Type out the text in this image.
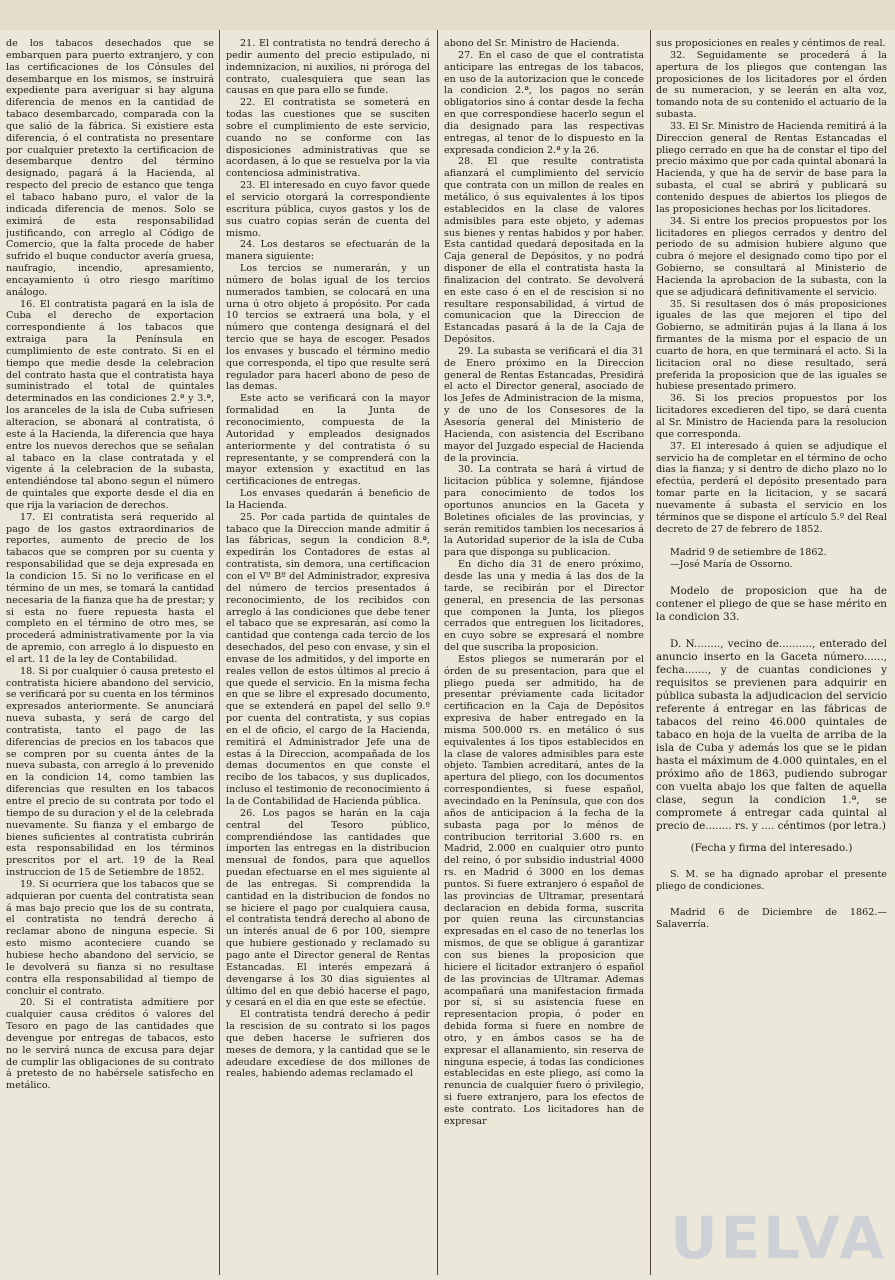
de los tabacos desechados que se embarquen para puerto extranjero, y con las certificaciones de los Cónsules del desembarque en los mismos, se instruirá expediente para averiguar si hay alguna diferencia de menos en la cantidad de tabaco desembarcado, comparada con la que salió de la fábrica. Si existiere esta diferencia, ó el contratista no presentare por cualquier pretexto la certificacion de desembarque dentro del término designado, pagará á la Hacienda, al respecto del precio de estanco que tenga el tabaco habano puro, el valor de la indicada diferencia de menos. Solo se eximirá de esta responsabilidad justificando, con arreglo al Código de Comercio, que la falta procede de haber sufrido el buque conductor avería gruesa, naufragio, incendio, apresamiento, encayamiento ú otro riesgo marítimo análogo.

16. El contratista pagará en la isla de Cuba el derecho de exportacion correspondiente á los tabacos que extraiga para la Península en cumplimiento de este contrato. Si en el tiempo que medie desde la celebracion del contrato hasta que el contratista haya suministrado el total de quintales determinados en las condiciones 2.ª y 3.ª, los aranceles de la isla de Cuba sufriesen alteracion, se abonará al contratista, ó este á la Hacienda, la diferencia que haya entre los nuevos derechos que se señalan al tabaco en la clase contratada y el vigente á la celebracion de la subasta, entendiéndose tal abono segun el número de quintales que exporte desde el dia en que rija la variacion de derechos.

17. El contratista será requerido al pago de los gastos extraordinarios de reportes, aumento de precio de los tabacos que se compren por su cuenta y responsabilidad que se deja expresada en la condicion 15. Si no lo verificase en el término de un mes, se tomará la cantidad necesaria de la fianza que ha de prestar; y si esta no fuere repuesta hasta el completo en el término de otro mes, se procederá administrativamente por la via de apremio, con arreglo á lo dispuesto en el art. 11 de la ley de Contabilidad.

18. Si por cualquier ó causa pretesto el contratista hiciere abandono del servicio, se verificará por su cuenta en los términos expresados anteriormente. Se anunciará nueva subasta, y será de cargo del contratista, tanto el pago de las diferencias de precios en los tabacos que se compren por su cuenta ántes de la nueva subasta, con arreglo á lo prevenido en la condicion 14, como tambien las diferencias que resulten en los tabacos entre el precio de su contrata por todo el tiempo de su duracion y el de la celebrada nuevamente. Su fianza y el embargo de bienes suficientes al contratista cubrirán esta responsabilidad en los términos prescritos por el art. 19 de la Real instruccion de 15 de Setiembre de 1852.

19. Si ocurriera que los tabacos que se adquieran por cuenta del contratista sean á mas bajo precio que los de su contrata, el contratista no tendrá derecho á reclamar abono de ninguna especie. Si esto mismo aconteciere cuando se hubiese hecho abandono del servicio, se le devolverá su fianza si no resultase contra ella responsabilidad al tiempo de concluir el contrato.

20. Si el contratista admitiere por cualquier causa créditos ó valores del Tesoro en pago de las cantidades que devengue por entregas de tabacos, esto no le servirá nunca de excusa para dejar de cumplir las obligaciones de su contrato á pretesto de no habérsele satisfecho en metálico.

21. El contratista no tendrá derecho á pedir aumento del precio estipulado, ni indemnizacion, ni auxilios, ni próroga del contrato, cualesquiera que sean las causas en que para ello se funde.

22. El contratista se someterá en todas las cuestiones que se susciten sobre el cumplimiento de este servicio, cuando no se conforme con las disposiciones administrativas que se acordasen, á lo que se resuelva por la via contenciosa administrativa.

23. El interesado en cuyo favor quede el servicio otorgará la correspondiente escritura pública, cuyos gastos y los de sus cuatro copias serán de cuenta del mismo.

24. Los destaros se efectuarán de la manera siguiente:

Los tercios se numerarán, y un número de bolas igual de los tercios numerados tambien, se colocará en una urna ú otro objeto á propósito. Por cada 10 tercios se extraerá una bola, y el número que contenga designará el del tercio que se haya de escoger. Pesados los envases y buscado el término medio que corresponda, el tipo que resulte será regulador para hacerl abono de peso de las demas.

Este acto se verificará con la mayor formalidad en la Junta de reconocimiento, compuesta de la Autoridad y empleados designados anteriormente y del contratista ó su representante, y se comprenderá con la mayor extension y exactitud en las certificaciones de entregas.

Los envases quedarán á beneficio de la Hacienda.

25. Por cada partida de quintales de tabaco que la Direccion mande admitir á las fábricas, segun la condicion 8.ª, expedirán los Contadores de estas al contratista, sin demora, una certificacion con el Vº Bº del Administrador, expresiva del número de tercios presentados á reconocimiento, de los recibidos con arreglo á las condiciones que debe tener el tabaco que se expresarán, así como la cantidad que contenga cada tercio de los desechados, del peso con envase, y sin el envase de los admitidos, y del importe en reales vellon de estos últimos al precio á que quede el servicio. En la misma fecha en que se libre el expresado documento, que se extenderá en papel del sello 9.º por cuenta del contratista, y sus copias en el de oficio, el cargo de la Hacienda, remitirá el Administrador Jefe una de estas á la Direccion, acompañada de los demas documentos en que conste el recibo de los tabacos, y sus duplicados, incluso el testimonio de reconocimiento á la de Contabilidad de Hacienda pública.

26. Los pagos se harán en la caja central del Tesoro público, comprendiéndose las cantidades que importen las entregas en la distribucion mensual de fondos, para que aquellos puedan efectuarse en el mes siguiente al de las entregas. Si comprendida la cantidad en la distribucion de fondos no se hiciere el pago por cualquiera causa, el contratista tendrá derecho al abono de un interés anual de 6 por 100, siempre que hubiere gestionado y reclamado su pago ante el Director general de Rentas Estancadas. El interés empezará á devengarse á los 30 dias siguientes al último del en que debió hacerse el pago, y cesará en el dia en que este se efectúe.

El contratista tendrá derecho á pedir la rescision de su contrato si los pagos que deben hacerse le sufrieren dos meses de demora, y la cantidad que se le adeudare excediese de dos millones de reales, habiendo ademas reclamado el

abono del Sr. Ministro de Hacienda.

27. En el caso de que el contratista anticipare las entregas de los tabacos, en uso de la autorizacion que le concede la condicion 2.ª, los pagos no serán obligatorios sino á contar desde la fecha en que correspondiese hacerlo segun el dia designado para las respectivas entregas, al tenor de lo dispuesto en la expresada condicion 2.ª y la 26.

28. El que resulte contratista afianzará el cumplimiento del servicio que contrata con un millon de reales en metálico, ó sus equivalentes á los tipos establecidos en la clase de valores admisibles para este objeto, y ademas sus bienes y rentas habidos y por haber. Esta cantidad quedará depositada en la Caja general de Depósitos, y no podrá disponer de ella el contratista hasta la finalizacion del contrato. Se devolverá en este caso ó en el de rescision si no resultare responsabilidad, á virtud de comunicacion que la Direccion de Estancadas pasará á la de la Caja de Depósitos.

29. La subasta se verificará el dia 31 de Enero próximo en la Direccion general de Rentas Estancadas, Presidirá el acto el Director general, asociado de los Jefes de Administracion de la misma, y de uno de los Consesores de la Asesoría general del Ministerio de Hacienda, con asistencia del Escribano mayor del Juzgado especial de Hacienda de la provincia.

30. La contrata se hará á virtud de licitacion pública y solemne, fijándose para conocimiento de todos los oportunos anuncios en la Gaceta y Boletines oficiales de las provincias, y serán remitidos tambien los necesarios á la Autoridad superior de la isla de Cuba para que disponga su publicacion.

En dicho dia 31 de enero próximo, desde las una y media á las dos de la tarde, se recibirán por el Director general, en presencia de las personas que componen la Junta, los pliegos cerrados que entreguen los licitadores, en cuyo sobre se expresará el nombre del que suscriba la proposicion.

Estos pliegos se numerarán por el órden de su presentacion, para que el pliego pueda ser admitido, ha de presentar préviamente cada licitador certificacion en la Caja de Depósitos expresiva de haber entregado en la misma 500.000 rs. en metálico ó sus equivalentes á los tipos establecidos en la clase de valores admisibles para este objeto. Tambien acreditará, antes de la apertura del pliego, con los documentos correspondientes, si fuese español, avecindado en la Península, que con dos años de anticipacion á la fecha de la subasta paga por lo ménos de contribucion territorial 3.600 rs. en Madrid, 2.000 en cualquier otro punto del reino, ó por subsidio industrial 4000 rs. en Madrid ó 3000 en los demas puntos. Si fuere extranjero ó español de las provincias de Ultramar, presentará declaracion en debida forma, suscrita por quien reuna las circunstancias expresadas en el caso de no tenerlas los mismos, de que se obligue á garantizar con sus bienes la proposicion que hiciere el licitador extranjero ó español de las provincias de Ultramar. Ademas acompañará una manifestacion firmada por sí, si su asistencia fuese en representacion propia, ó poder en debida forma si fuere en nombre de otro, y en ámbos casos se ha de expresar el allanamiento, sin reserva de ninguna especie, á todas las condiciones establecidas en este pliego, así como la renuncia de cualquier fuero ó privilegio, si fuere extranjero, para los efectos de este contrato. Los licitadores han de expresar

sus proposiciones en reales y céntimos de real.

32. Seguidamente se procederá á la apertura de los pliegos que contengan las proposiciones de los licitadores por el órden de su numeracion, y se leerán en alta voz, tomando nota de su contenido el actuario de la subasta.

33. El Sr. Ministro de Hacienda remitirá á la Direccion general de Rentas Estancadas el pliego cerrado en que ha de constar el tipo del precio máximo que por cada quintal abonará la Hacienda, y que ha de servir de base para la subasta, el cual se abrirá y publicará su contenido despues de abiertos los pliegos de las proposiciones hechas por los licitadores.

34. Si entre los precios propuestos por los licitadores en pliegos cerrados y dentro del periodo de su admision hubiere alguno que cubra ó mejore el designado como tipo por el Gobierno, se consultará al Ministerio de Hacienda la aprobacion de la subasta, con la que se adjudicará definitivamente el servicio.

35. Si resultasen dos ó más proposiciones iguales de las que mejoren el tipo del Gobierno, se admitirán pujas á la llana á los firmantes de la misma por el espacio de un cuarto de hora, en que terminará el acto. Si la licitacion oral no diese resultado, será preferida la proposicion que de las iguales se hubiese presentado primero.

36. Si los precios propuestos por los licitadores excedieren del tipo, se dará cuenta al Sr. Ministro de Hacienda para la resolucion que corresponda.

37. El interesado á quien se adjudique el servicio ha de completar en el término de ocho dias la fianza; y si dentro de dicho plazo no lo efectúa, perderá el depósito presentado para tomar parte en la licitacion, y se sacará nuevamente á subasta el servicio en los términos que se dispone el artículo 5.º del Real decreto de 27 de febrero de 1852.

Madrid 9 de setiembre de 1862.

—José María de Ossorno.

Modelo de proposicion que ha de contener el pliego de que se hase mérito en la condicion 33.

D. N........, vecino de.........., enterado del anuncio inserto en la Gaceta número......, fecha......., y de cuantas condiciones y requisitos se previenen para adquirir en pública subasta la adjudicacion del servicio referente á entregar en las fábricas de tabacos del reino 46.000 quintales de tabaco en hoja de la vuelta de arriba de la isla de Cuba y además los que se le pidan hasta el máximum de 4.000 quintales, en el próximo año de 1863, pudiendo subrogar con vuelta abajo los que falten de aquella clase, segun la condicion 1.ª, se compromete á entregar cada quintal al precio de........ rs. y .... céntimos (por letra.)

(Fecha y firma del interesado.)

S. M. se ha dignado aprobar el presente pliego de condiciones.

Madrid 6 de Diciembre de 1862.— Salaverría.

UELVA
